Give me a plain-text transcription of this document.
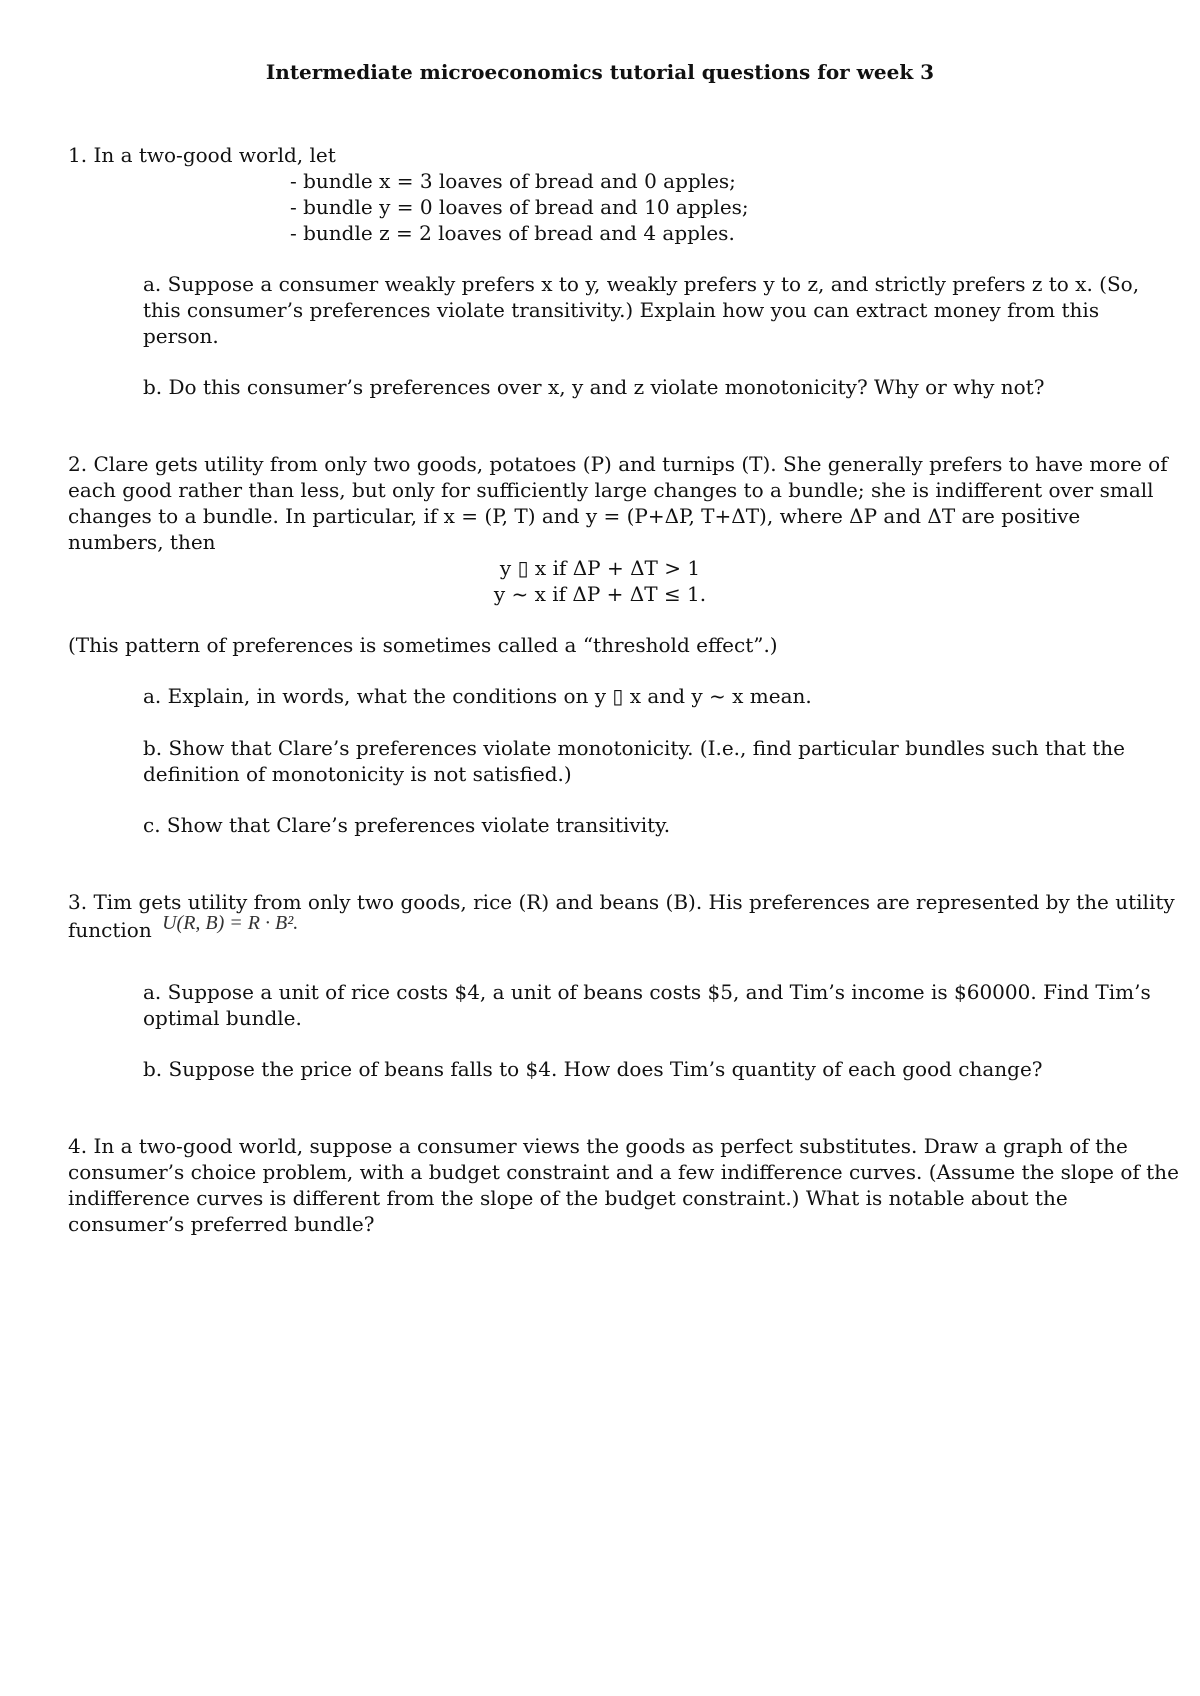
Intermediate microeconomics tutorial questions for week 3
1. In a two-good world, let
- bundle x = 3 loaves of bread and 0 apples;
- bundle y = 0 loaves of bread and 10 apples;
- bundle z = 2 loaves of bread and 4 apples.
a. Suppose a consumer weakly prefers x to y, weakly prefers y to z, and strictly prefers z to x. (So,
this consumer’s preferences violate transitivity.) Explain how you can extract money from this
person.
b. Do this consumer’s preferences over x, y and z violate monotonicity? Why or why not?
2. Clare gets utility from only two goods, potatoes (P) and turnips (T). She generally prefers to have more of
each good rather than less, but only for sufficiently large changes to a bundle; she is indifferent over small
changes to a bundle. In particular, if x = (P, T) and y = (P+ΔP, T+ΔT), where ΔP and ΔT are positive
numbers, then
y ▯ x if ΔP + ΔT > 1
y ~ x if ΔP + ΔT ≤ 1.
(This pattern of preferences is sometimes called a “threshold effect”.)
a. Explain, in words, what the conditions on y ▯ x and y ~ x mean.
b. Show that Clare’s preferences violate monotonicity. (I.e., find particular bundles such that the
definition of monotonicity is not satisfied.)
c. Show that Clare’s preferences violate transitivity.
3. Tim gets utility from only two goods, rice (R) and beans (B). His preferences are represented by the utility
function U(R, B) = R · B².
a. Suppose a unit of rice costs $4, a unit of beans costs $5, and Tim’s income is $60000. Find Tim’s
optimal bundle.
b. Suppose the price of beans falls to $4. How does Tim’s quantity of each good change?
4. In a two-good world, suppose a consumer views the goods as perfect substitutes. Draw a graph of the
consumer’s choice problem, with a budget constraint and a few indifference curves. (Assume the slope of the
indifference curves is different from the slope of the budget constraint.) What is notable about the
consumer’s preferred bundle?
